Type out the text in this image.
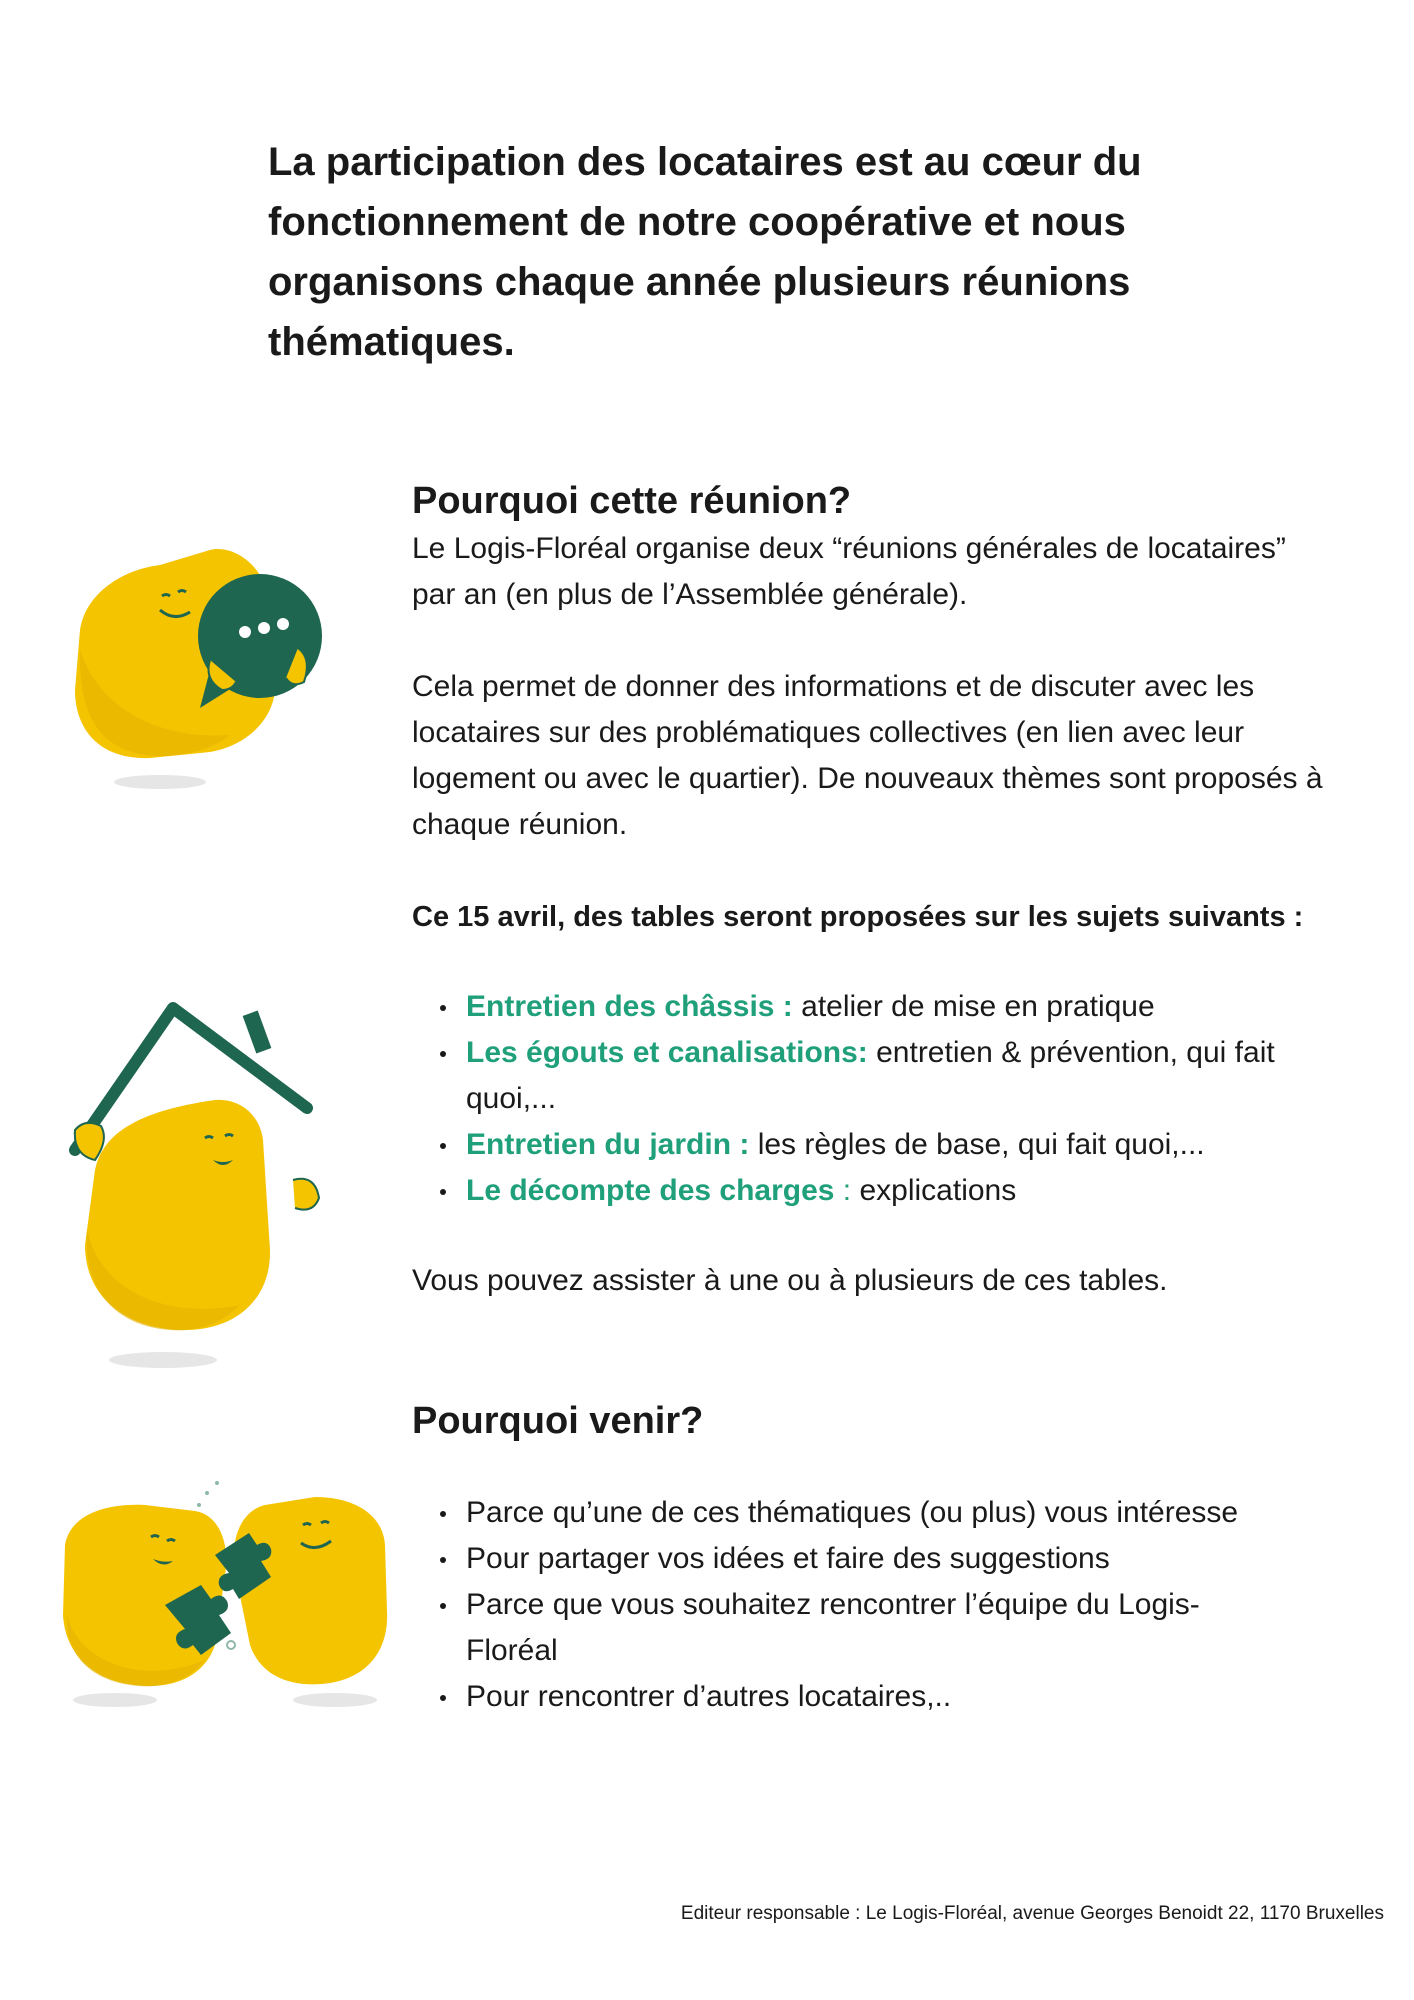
La participation des locataires est au cœur du fonctionnement de notre coopérative et nous organisons chaque année plusieurs réunions thématiques.
Pourquoi cette réunion?

Le Logis-Floréal organise deux “réunions générales de locataires” par an (en plus de l’Assemblée générale).

Cela permet de donner des informations et de discuter avec les locataires sur des problématiques collectives (en lien avec leur logement ou avec le quartier). De nouveaux thèmes sont proposés à chaque réunion.

Ce 15 avril, des tables seront proposées sur les sujets suivants :

Entretien des châssis : atelier de mise en pratique
Les égouts et canalisations: entretien & prévention, qui fait quoi,...
Entretien du jardin : les règles de base, qui fait quoi,...
Le décompte des charges : explications

Vous pouvez assister à une ou à plusieurs de ces tables.

Pourquoi venir?
Parce qu’une de ces thématiques (ou plus) vous intéresse
Pour partager vos idées et faire des suggestions
Parce que vous souhaitez rencontrer l’équipe du Logis-Floréal
Pour rencontrer d’autres locataires,..
Editeur responsable : Le Logis-Floréal, avenue Georges Benoidt 22, 1170 Bruxelles
